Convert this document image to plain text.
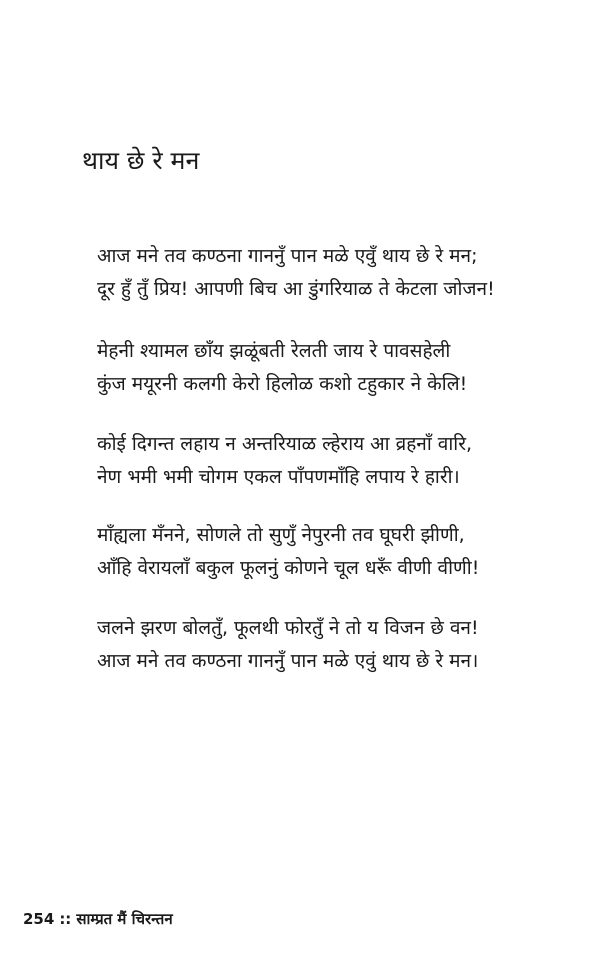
थाय छे रे मन
आज मने तव कण्ठना गाननुँ पान मळे एवुँ थाय छे रे मन;
दूर हुँ तुँ प्रिय! आपणी बिच आ डुंगरियाळ ते केटला जोजन!
मेहनी श्यामल छाँय झळूंबती रेलती जाय रे पावसहेली
कुंज मयूरनी कलगी केरो हिलोळ कशो टहुकार ने केलि!
कोई दिगन्त लहाय न अन्तरियाळ ल्हेराय आ व्रहनाँ वारि,
नेण भमी भमी चोगम एकल पाँपणमाँहि लपाय रे हारी।
माँह्यला मँनने, सोणले तो सुणुँ नेपुरनी तव घूघरी झीणी,
आँहि वेरायलाँ बकुल फूलनुं कोणने चूल धरूँ वीणी वीणी!
जलने झरण बोलतुँ, फूलथी फोरतुँ ने तो य विजन छे वन!
आज मने तव कण्ठना गाननुँ पान मळे एवुं थाय छे रे मन।
254 :: साम्प्रत मैं चिरन्तन
